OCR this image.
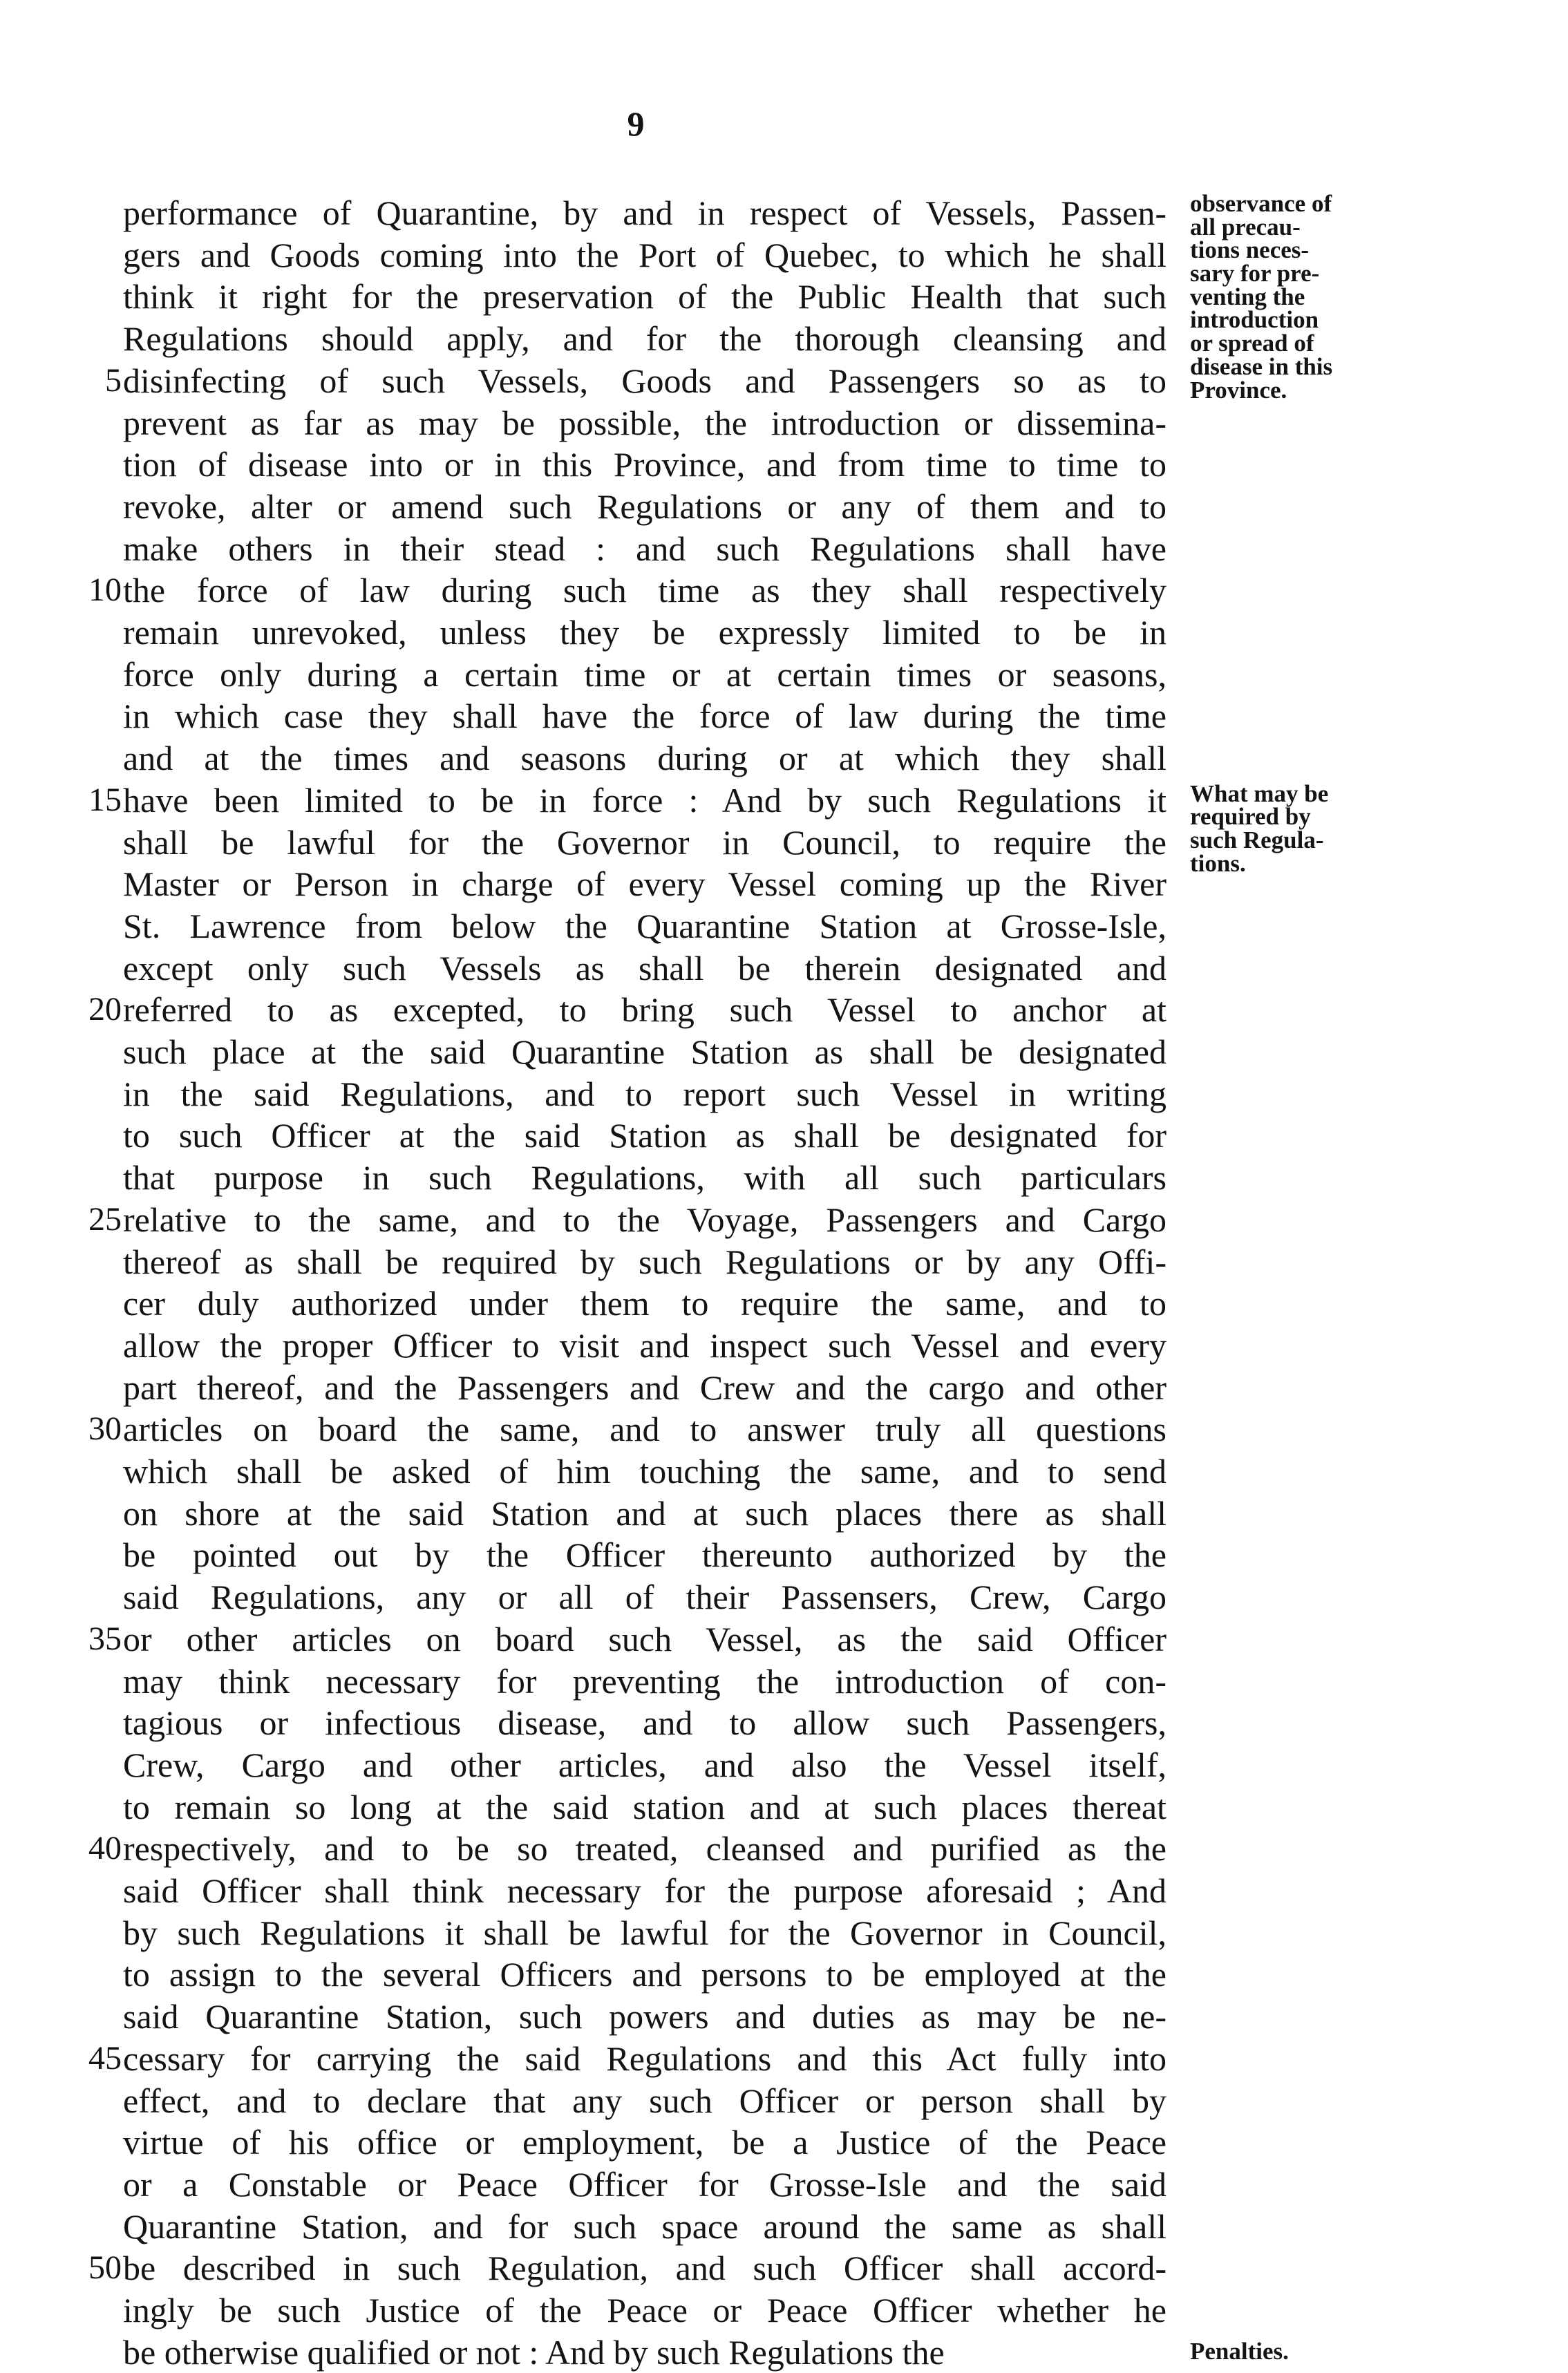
9
performance of Quarantine, by and in respect of Vessels, Passen-
gers and Goods coming into the Port of Quebec, to which he shall
think it right for the preservation of the Public Health that such
Regulations should apply, and for the thorough cleansing and
disinfecting of such Vessels, Goods and Passengers so as to
prevent as far as may be possible, the introduction or dissemina-
tion of disease into or in this Province, and from time to time to
revoke, alter or amend such Regulations or any of them and to
make others in their stead : and such Regulations shall have
the force of law during such time as they shall respectively
remain unrevoked, unless they be expressly limited to be in
force only during a certain time or at certain times or seasons,
in which case they shall have the force of law during the time
and at the times and seasons during or at which they shall
have been limited to be in force : And by such Regulations it
shall be lawful for the Governor in Council, to require the
Master or Person in charge of every Vessel coming up the River
St. Lawrence from below the Quarantine Station at Grosse-Isle,
except only such Vessels as shall be therein designated and
referred to as excepted, to bring such Vessel to anchor at
such place at the said Quarantine Station as shall be designated
in the said Regulations, and to report such Vessel in writing
to such Officer at the said Station as shall be designated for
that purpose in such Regulations, with all such particulars
relative to the same, and to the Voyage, Passengers and Cargo
thereof as shall be required by such Regulations or by any Offi-
cer duly authorized under them to require the same, and to
allow the proper Officer to visit and inspect such Vessel and every
part thereof, and the Passengers and Crew and the cargo and other
articles on board the same, and to answer truly all questions
which shall be asked of him touching the same, and to send
on shore at the said Station and at such places there as shall
be pointed out by the Officer thereunto authorized by the
said Regulations, any or all of their Passensers, Crew, Cargo
or other articles on board such Vessel, as the said Officer
may think necessary for preventing the introduction of con-
tagious or infectious disease, and to allow such Passengers,
Crew, Cargo and other articles, and also the Vessel itself,
to remain so long at the said station and at such places thereat
respectively, and to be so treated, cleansed and purified as the
said Officer shall think necessary for the purpose aforesaid ; And
by such Regulations it shall be lawful for the Governor in Council,
to assign to the several Officers and persons to be employed at the
said Quarantine Station, such powers and duties as may be ne-
cessary for carrying the said Regulations and this Act fully into
effect, and to declare that any such Officer or person shall by
virtue of his office or employment, be a Justice of the Peace
or a Constable or Peace Officer for Grosse-Isle and the said
Quarantine Station, and for such space around the same as shall
be described in such Regulation, and such Officer shall accord-
ingly be such Justice of the Peace or Peace Officer whether he
be otherwise qualified or not : And by such Regulations the
5
10
15
20
25
30
35
40
45
50
observance of
all precau-
tions neces-
sary for pre-
venting the
introduction
or spread of
disease in this
Province.
What may be
required by
such Regula-
tions.
Penalties.
